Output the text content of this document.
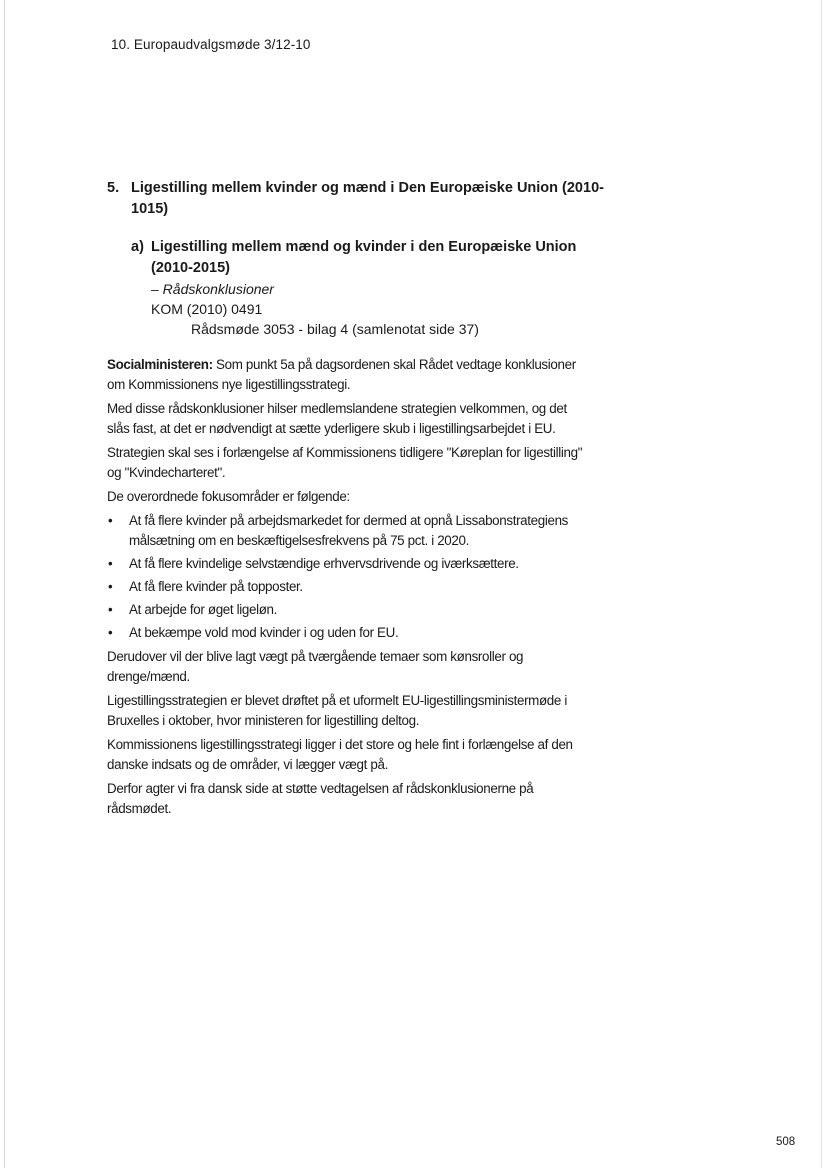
10. Europaudvalgsmøde 3/12-10
5. Ligestilling mellem kvinder og mænd i Den Europæiske Union (2010-1015)
a) Ligestilling mellem mænd og kvinder i den Europæiske Union (2010-2015)
– Rådskonklusioner
KOM (2010) 0491
Rådsmøde 3053 - bilag 4 (samlenotat side 37)

Socialministeren: Som punkt 5a på dagsordenen skal Rådet vedtage konklusioner om Kommissionens nye ligestillingsstrategi.

Med disse rådskonklusioner hilser medlemslandene strategien velkommen, og det slås fast, at det er nødvendigt at sætte yderligere skub i ligestillingsarbejdet i EU.

Strategien skal ses i forlængelse af Kommissionens tidligere "Køreplan for ligestilling" og "Kvindecharteret".

De overordnede fokusområder er følgende:

• At få flere kvinder på arbejdsmarkedet for dermed at opnå Lissabonstrategiens målsætning om en beskæftigelsesfrekvens på 75 pct. i 2020.
• At få flere kvindelige selvstændige erhvervsdrivende og iværksættere.
• At få flere kvinder på topposter.
• At arbejde for øget ligeløn.
• At bekæmpe vold mod kvinder i og uden for EU.

Derudover vil der blive lagt vægt på tværgående temaer som kønsroller og drenge/mænd.

Ligestillingsstrategien er blevet drøftet på et uformelt EU-ligestillingsministermøde i Bruxelles i oktober, hvor ministeren for ligestilling deltog.

Kommissionens ligestillingsstrategi ligger i det store og hele fint i forlængelse af den danske indsats og de områder, vi lægger vægt på.

Derfor agter vi fra dansk side at støtte vedtagelsen af rådskonklusionerne på rådsmødet.

508
